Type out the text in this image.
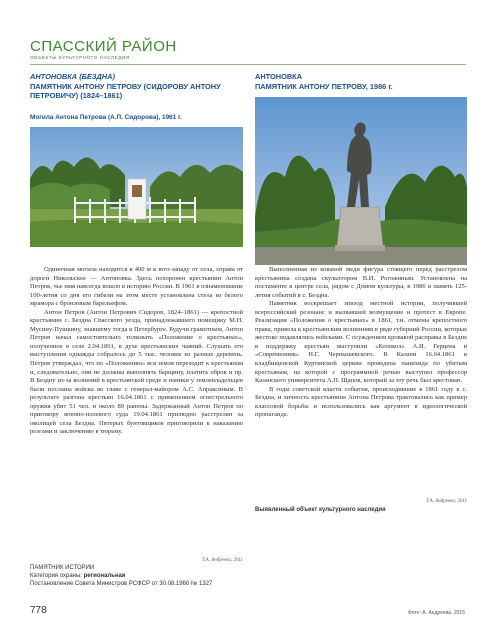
СПАССКИЙ РАЙОН
ОБЪЕКТЫ КУЛЬТУРНОГО НАСЛЕДИЯ
АНТОНОВКА (БЕЗДНА)
ПАМЯТНИК АНТОНУ ПЕТРОВУ (СИДОРОВУ АНТОНУ ПЕТРОВИЧУ) (1824–1861)
Могила Антона Петрова (А.П. Сидорова), 1961 г.
АНТОНОВКА
ПАМЯТНИК АНТОНУ ПЕТРОВУ, 1986 г.

Одиночная могила находится в 400 м к юго-западу от села, справа от дороги Никольское — Антоновка. Здесь похоронен крестьянин Антон Петров, чье имя навсегда вошло в историю России. В 1961 в ознаменование 100-летия со дня его гибели на этом месте установлена стела из белого мрамора с бронзовым барельефом.

Антон Петров (Антон Петрович Сидоров, 1824–1861) — крепостной крестьянин с. Бездна Спасского уезда, принадлежавшего помещику М.Н. Мусину-Пушкину, знавшему тогда в Петербурге. Будучи грамотным, Антон Петров начал самостоятельно толковать «Положение о крестьянах», полученное в селе 2.04.1861, в духе крестьянских чаяний. Слушать его выступления однажды собралось до 5 тыс. человек из разных деревень. Петров утверждал, что по «Положению» вся земля переходит к крестьянам и, следовательно, они не должны выполнять барщину, платить оброк и пр. В Бездну из-за волнений в крестьянской среде и паники у землевладельцев были посланы войска во главе с генерал-майором А.С. Апраксиным. В результате разгона крестьян 16.04.1861 с применением огнестрельного оружия убит 51 чел. и около 80 ранены. Задержанный Антон Петров по приговору военно-полевого суда 19.04.1861 прилюдно расстрелян за околицей села Бездна. Пятерых бунтовщиков приговорили к наказанию розгами и заключению в тюрьму.

Т.А. Андреева, 2011
ПАМЯТНИК ИСТОРИИ
Категория охраны: региональная
Постановление Совета Министров РСФСР от 30.08.1960 № 1327

Выполненная из кованой меди фигура стоящего перед расстрелом крестьянина создана скульптором В.И. Рогожиным. Установлена на постаменте в центре села, рядом с Домом культуры, в 1986 в память 125-летия событий в с. Бездна.

Памятник воскрешает эпизод местной истории, получившей всероссийский резонанс и вызвавшей возмущение и протест в Европе. Реализация «Положения о крестьянах» в 1861, т.н. отмены крепостного права, привела к крестьянским волнениям в ряде губерний России, которые жестоко подавлялись войсками. С осуждением кровавой расправы в Бездне в поддержку крестьян выступили «Колокол» А.И. Герцена и «Современник» Н.Г. Чернышевского. В Казани 16.04.1861 в кладбищенской Куртинской церкви проведена панихида по убитым крестьянам, на которой с программной речью выступил профессор Казанского университета А.П. Щапов, который за эту речь был арестован.

В годы советской власти события, происходившие в 1861 году в с. Бездна, и личность крестьянина Антона Петрова трактовались как пример классовой борьбы и использовались как аргумент в идеологической пропаганде.

Т.А. Андреева, 2011
Выявленный объект культурного наследия
778	Фото: А. Андреева, 2015
